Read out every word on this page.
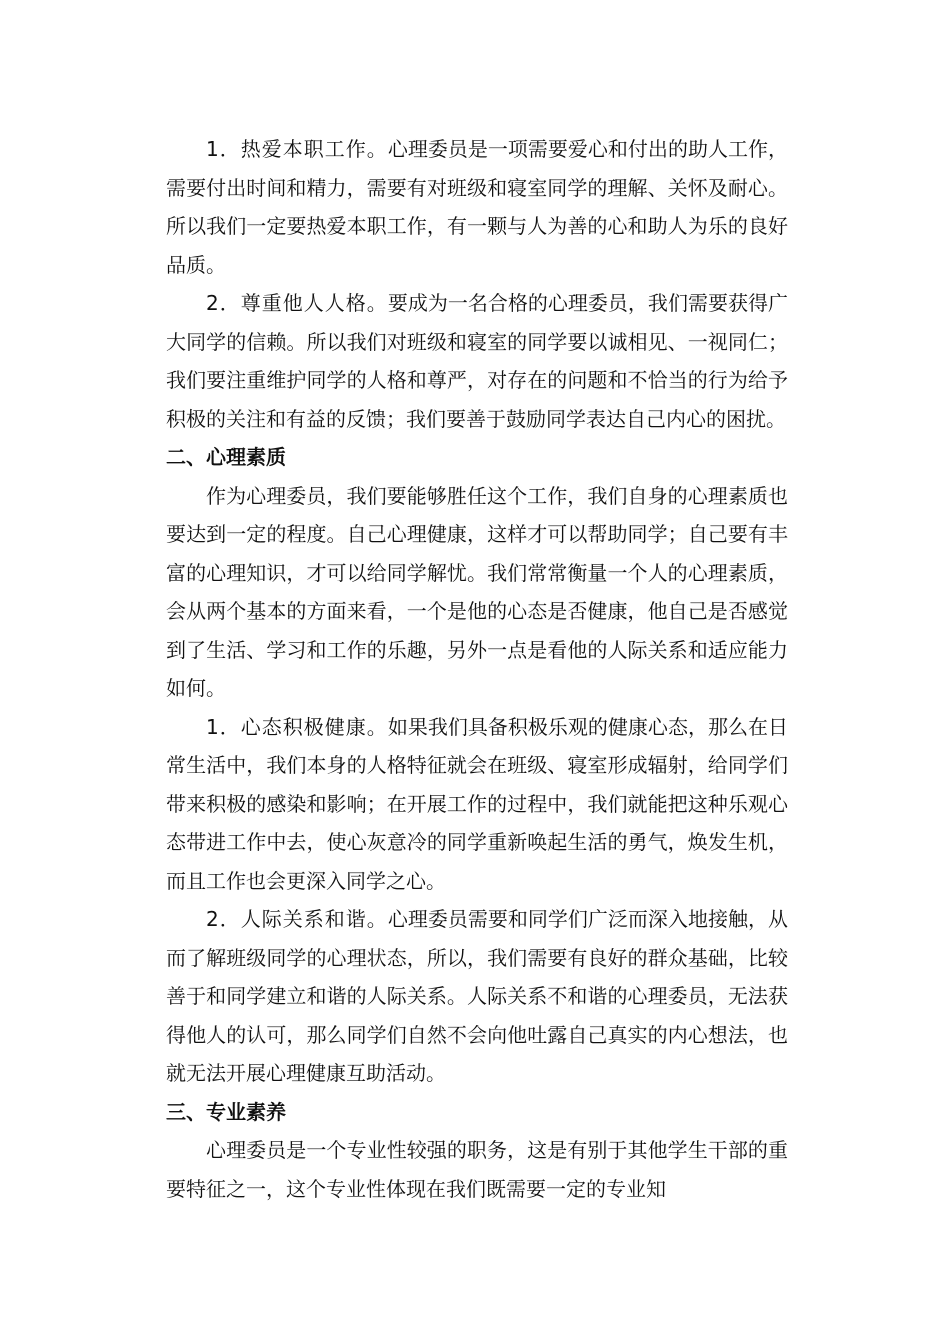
1．热爱本职工作。心理委员是一项需要爱心和付出的助人工作，需要付出时间和精力，需要有对班级和寝室同学的理解、关怀及耐心。所以我们一定要热爱本职工作，有一颗与人为善的心和助人为乐的良好品质。

2．尊重他人人格。要成为一名合格的心理委员，我们需要获得广大同学的信赖。所以我们对班级和寝室的同学要以诚相见、一视同仁；我们要注重维护同学的人格和尊严，对存在的问题和不恰当的行为给予积极的关注和有益的反馈；我们要善于鼓励同学表达自己内心的困扰。

二、心理素质

作为心理委员，我们要能够胜任这个工作，我们自身的心理素质也要达到一定的程度。自己心理健康，这样才可以帮助同学；自己要有丰富的心理知识，才可以给同学解忧。我们常常衡量一个人的心理素质，会从两个基本的方面来看，一个是他的心态是否健康，他自己是否感觉到了生活、学习和工作的乐趣，另外一点是看他的人际关系和适应能力如何。

1．心态积极健康。如果我们具备积极乐观的健康心态，那么在日常生活中，我们本身的人格特征就会在班级、寝室形成辐射，给同学们带来积极的感染和影响；在开展工作的过程中，我们就能把这种乐观心态带进工作中去，使心灰意冷的同学重新唤起生活的勇气，焕发生机，而且工作也会更深入同学之心。

2．人际关系和谐。心理委员需要和同学们广泛而深入地接触，从而了解班级同学的心理状态，所以，我们需要有良好的群众基础，比较善于和同学建立和谐的人际关系。人际关系不和谐的心理委员，无法获得他人的认可，那么同学们自然不会向他吐露自己真实的内心想法，也就无法开展心理健康互助活动。

三、专业素养

心理委员是一个专业性较强的职务，这是有别于其他学生干部的重要特征之一，这个专业性体现在我们既需要一定的专业知
